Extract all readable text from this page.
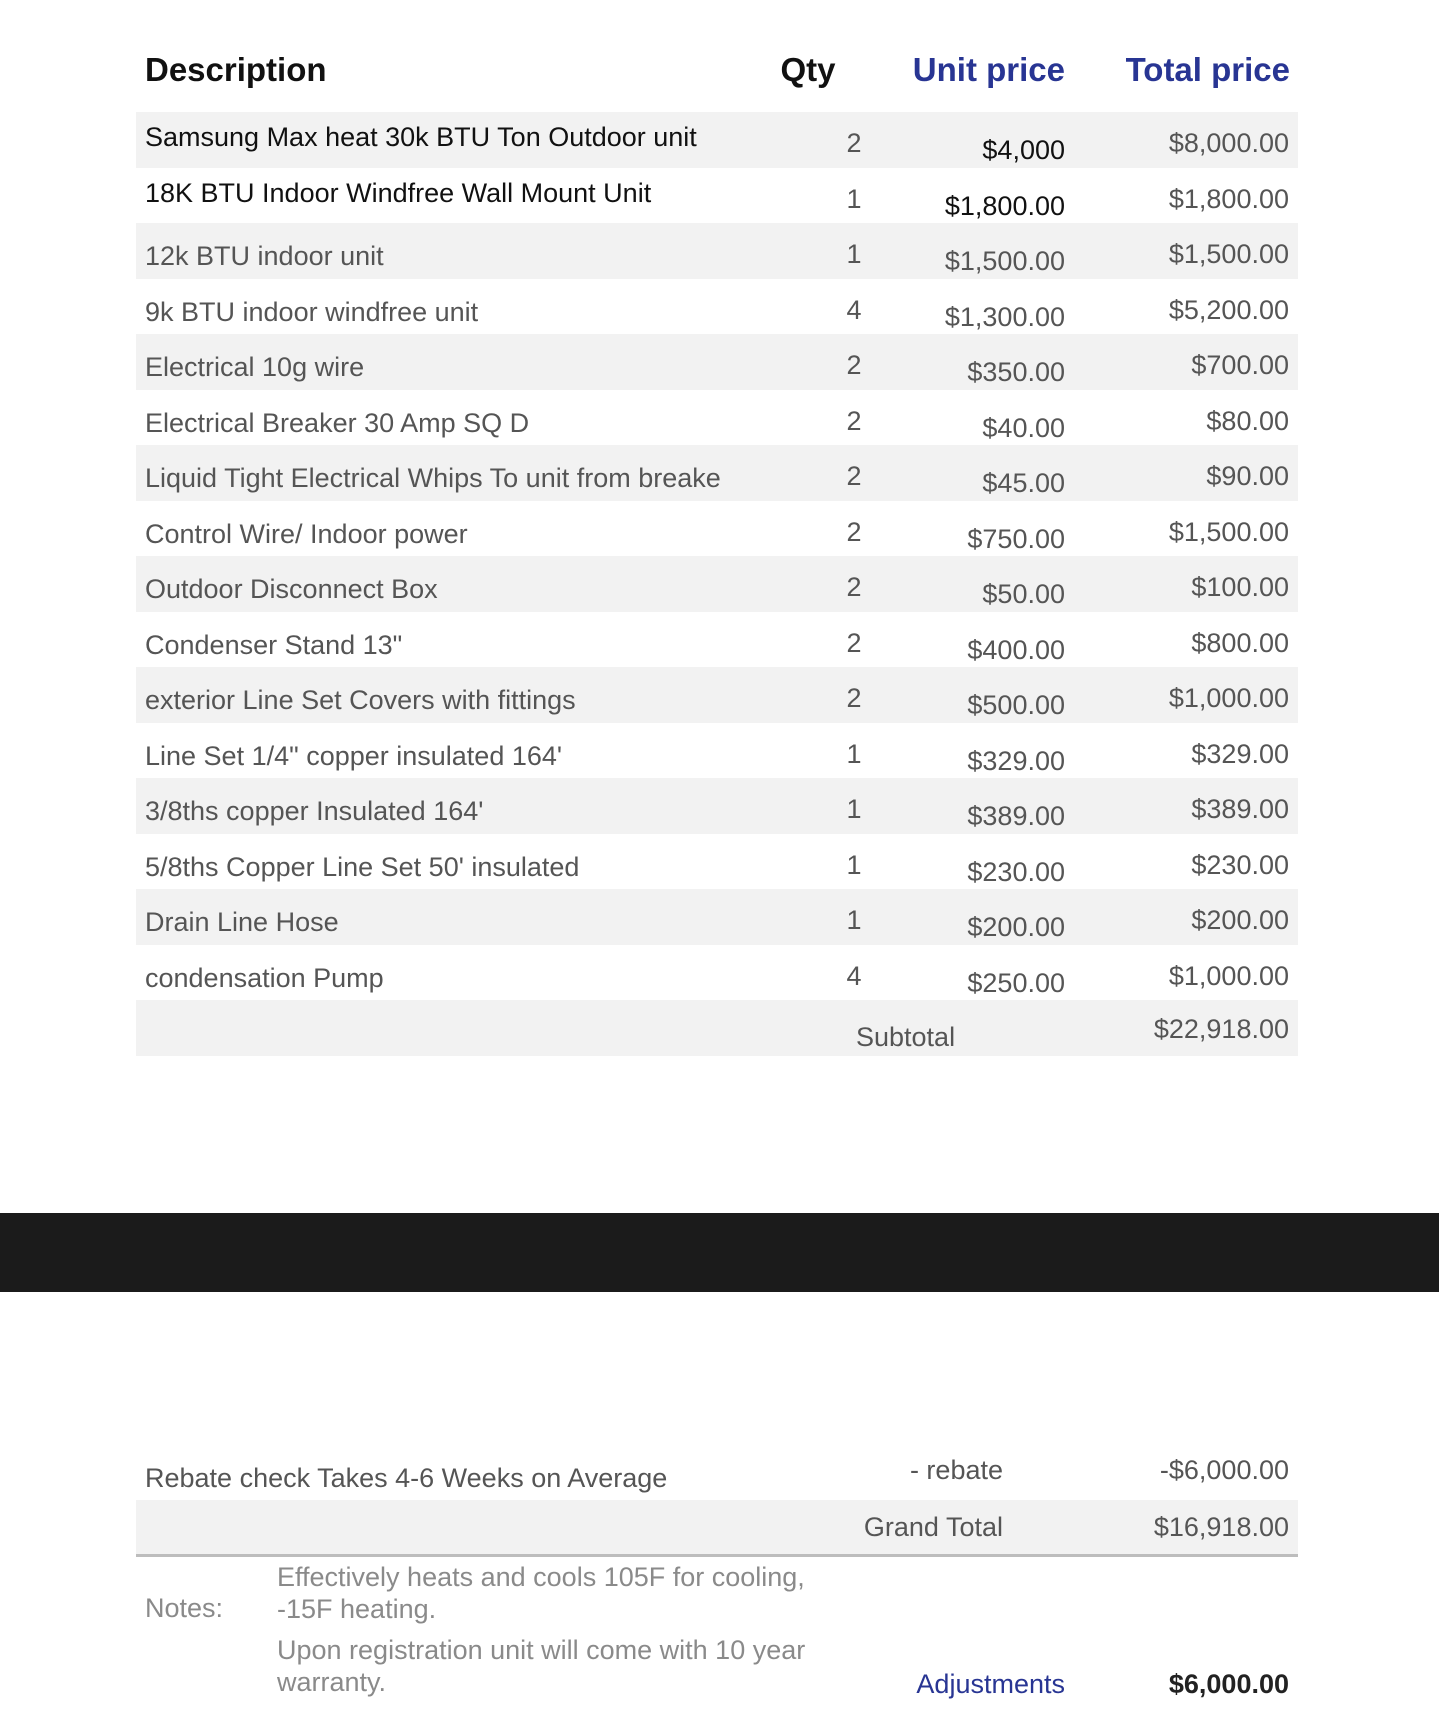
Description	Qty	Unit price	Total price
Samsung Max heat 30k BTU Ton Outdoor unit	2	$4,000	$8,000.00
18K BTU Indoor Windfree Wall Mount Unit	1	$1,800.00	$1,800.00
12k BTU indoor unit	1	$1,500.00	$1,500.00
9k BTU indoor windfree unit	4	$1,300.00	$5,200.00
Electrical 10g wire	2	$350.00	$700.00
Electrical Breaker 30 Amp SQ D	2	$40.00	$80.00
Liquid Tight Electrical Whips To unit from breake	2	$45.00	$90.00
Control Wire/ Indoor power	2	$750.00	$1,500.00
Outdoor Disconnect Box	2	$50.00	$100.00
Condenser Stand 13"	2	$400.00	$800.00
exterior Line Set Covers with fittings	2	$500.00	$1,000.00
Line Set 1/4" copper insulated 164'	1	$329.00	$329.00
3/8ths copper Insulated 164'	1	$389.00	$389.00
5/8ths Copper Line Set 50' insulated	1	$230.00	$230.00
Drain Line Hose	1	$200.00	$200.00
condensation Pump	4	$250.00	$1,000.00
Subtotal	$22,918.00
Rebate check Takes 4-6 Weeks on Average	- rebate	-$6,000.00
Grand Total	$16,918.00
Notes:
Effectively heats and cools 105F for cooling, -15F heating.
Upon registration unit will come with 10 year warranty.	Adjustments	$6,000.00
